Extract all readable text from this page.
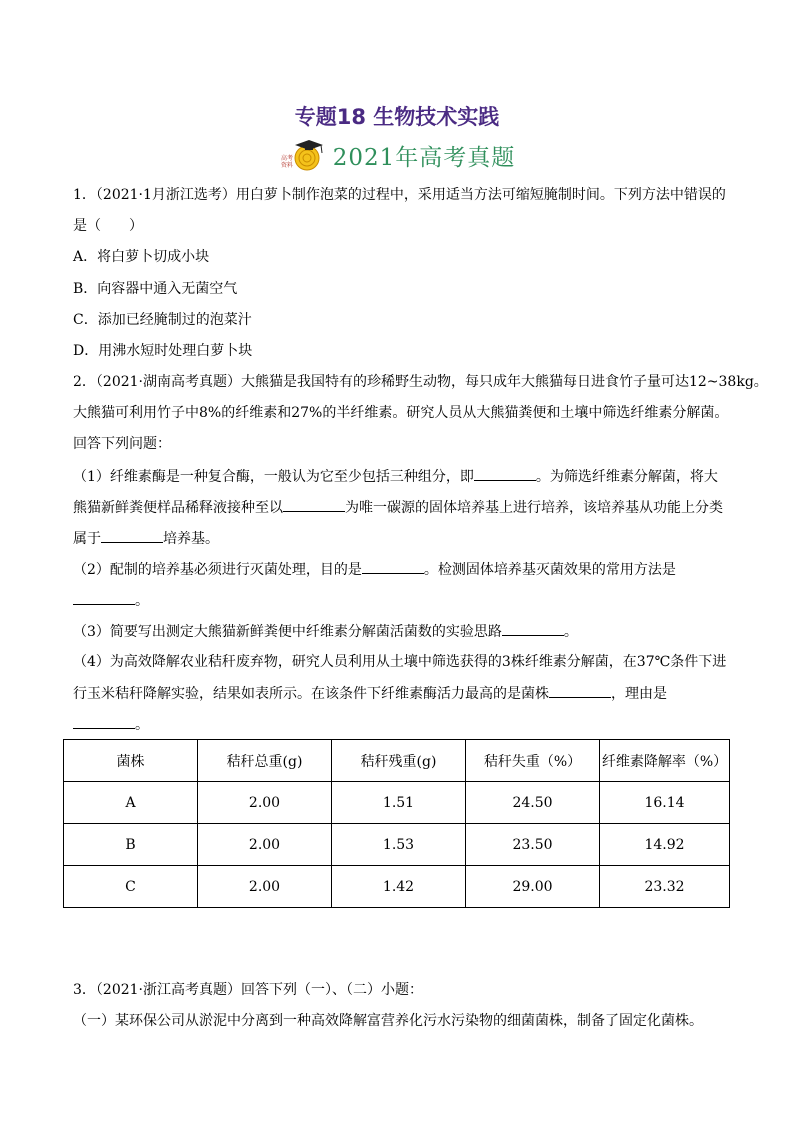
专题18 生物技术实践
高考
资料 2021年高考真题
1．（2021·1月浙江选考）用白萝卜制作泡菜的过程中，采用适当方法可缩短腌制时间。下列方法中错误的
是（　　）
A．将白萝卜切成小块
B．向容器中通入无菌空气
C．添加已经腌制过的泡菜汁
D．用沸水短时处理白萝卜块
2．（2021·湖南高考真题）大熊猫是我国特有的珍稀野生动物，每只成年大熊猫每日进食竹子量可达12~38kg。
大熊猫可利用竹子中8%的纤维素和27%的半纤维素。研究人员从大熊猫粪便和土壤中筛选纤维素分解菌。
回答下列问题：
（1）纤维素酶是一种复合酶，一般认为它至少包括三种组分，即	。为筛选纤维素分解菌，将大
熊猫新鲜粪便样品稀释液接种至以	为唯一碳源的固体培养基上进行培养，该培养基从功能上分类
属于	培养基。
（2）配制的培养基必须进行灭菌处理，目的是	。检测固体培养基灭菌效果的常用方法是
。
（3）简要写出测定大熊猫新鲜粪便中纤维素分解菌活菌数的实验思路	。
（4）为高效降解农业秸秆废弃物，研究人员利用从土壤中筛选获得的3株纤维素分解菌，在37℃条件下进
行玉米秸秆降解实验，结果如表所示。在该条件下纤维素酶活力最高的是菌株	，理由是
。
菌株	秸秆总重(g)	秸秆残重(g)	秸秆失重（%）	纤维素降解率（%）
A	2.00	1.51	24.50	16.14
B	2.00	1.53	23.50	14.92
C	2.00	1.42	29.00	23.32
3．（2021·浙江高考真题）回答下列（一）、（二）小题：
（一）某环保公司从淤泥中分离到一种高效降解富营养化污水污染物的细菌菌株，制备了固定化菌株。
